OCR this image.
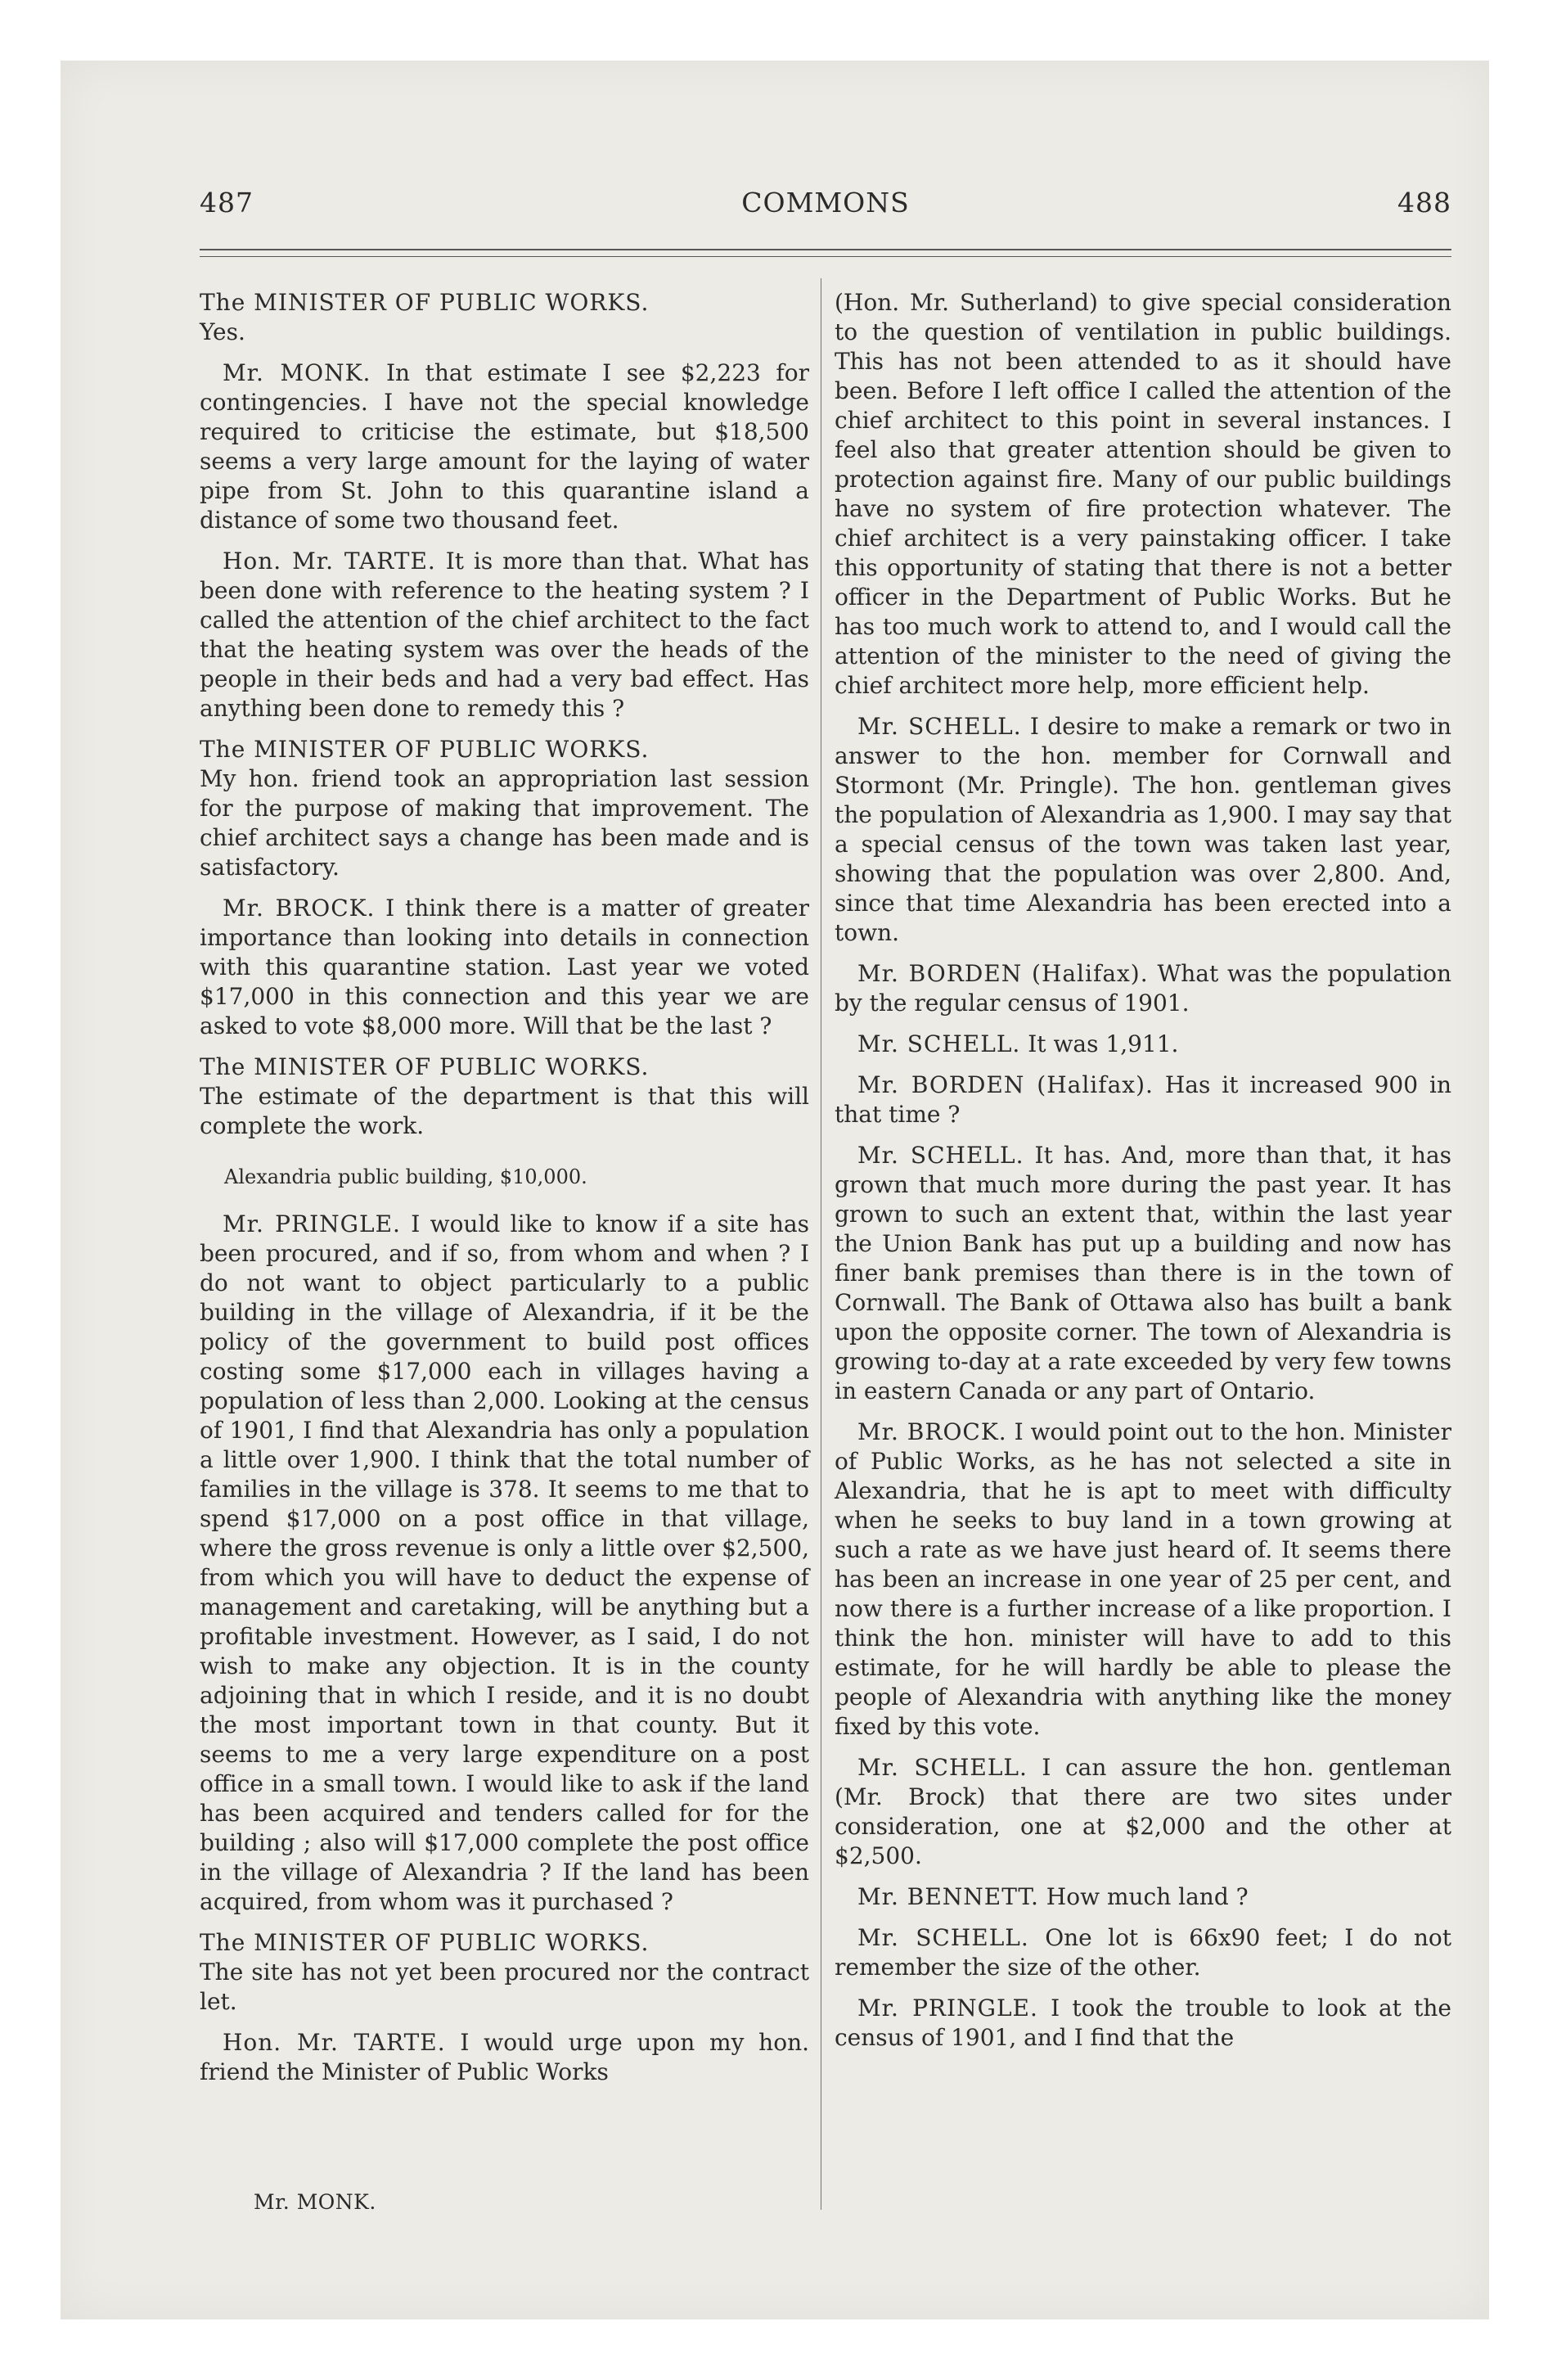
487	COMMONS	488

The MINISTER OF PUBLIC WORKS.
Yes.

Mr. MONK. In that estimate I see $2,223 for contingencies. I have not the special knowledge required to criticise the estimate, but $18,500 seems a very large amount for the laying of water pipe from St. John to this quarantine island a distance of some two thousand feet.

Hon. Mr. TARTE. It is more than that. What has been done with reference to the heating system ? I called the attention of the chief architect to the fact that the heating system was over the heads of the people in their beds and had a very bad effect. Has anything been done to remedy this ?

The MINISTER OF PUBLIC WORKS.
My hon. friend took an appropriation last session for the purpose of making that improvement. The chief architect says a change has been made and is satisfactory.

Mr. BROCK. I think there is a matter of greater importance than looking into details in connection with this quarantine station. Last year we voted $17,000 in this connection and this year we are asked to vote $8,000 more. Will that be the last ?

The MINISTER OF PUBLIC WORKS.
The estimate of the department is that this will complete the work.

Alexandria public building, $10,000.

Mr. PRINGLE. I would like to know if a site has been procured, and if so, from whom and when ? I do not want to object particularly to a public building in the village of Alexandria, if it be the policy of the government to build post offices costing some $17,000 each in villages having a population of less than 2,000. Looking at the census of 1901, I find that Alexandria has only a population a little over 1,900. I think that the total number of families in the village is 378. It seems to me that to spend $17,000 on a post office in that village, where the gross revenue is only a little over $2,500, from which you will have to deduct the expense of management and caretaking, will be anything but a profitable investment. However, as I said, I do not wish to make any objection. It is in the county adjoining that in which I reside, and it is no doubt the most important town in that county. But it seems to me a very large expenditure on a post office in a small town. I would like to ask if the land has been acquired and tenders called for for the building ; also will $17,000 complete the post office in the village of Alexandria ? If the land has been acquired, from whom was it purchased ?

The MINISTER OF PUBLIC WORKS.
The site has not yet been procured nor the contract let.

Hon. Mr. TARTE. I would urge upon my hon. friend the Minister of Public Works

(Hon. Mr. Sutherland) to give special consideration to the question of ventilation in public buildings. This has not been attended to as it should have been. Before I left office I called the attention of the chief architect to this point in several instances. I feel also that greater attention should be given to protection against fire. Many of our public buildings have no system of fire protection whatever. The chief architect is a very painstaking officer. I take this opportunity of stating that there is not a better officer in the Department of Public Works. But he has too much work to attend to, and I would call the attention of the minister to the need of giving the chief architect more help, more efficient help.

Mr. SCHELL. I desire to make a remark or two in answer to the hon. member for Cornwall and Stormont (Mr. Pringle). The hon. gentleman gives the population of Alexandria as 1,900. I may say that a special census of the town was taken last year, showing that the population was over 2,800. And, since that time Alexandria has been erected into a town.

Mr. BORDEN (Halifax). What was the population by the regular census of 1901.

Mr. SCHELL. It was 1,911.

Mr. BORDEN (Halifax). Has it increased 900 in that time ?

Mr. SCHELL. It has. And, more than that, it has grown that much more during the past year. It has grown to such an extent that, within the last year the Union Bank has put up a building and now has finer bank premises than there is in the town of Cornwall. The Bank of Ottawa also has built a bank upon the opposite corner. The town of Alexandria is growing to-day at a rate exceeded by very few towns in eastern Canada or any part of Ontario.

Mr. BROCK. I would point out to the hon. Minister of Public Works, as he has not selected a site in Alexandria, that he is apt to meet with difficulty when he seeks to buy land in a town growing at such a rate as we have just heard of. It seems there has been an increase in one year of 25 per cent, and now there is a further increase of a like proportion. I think the hon. minister will have to add to this estimate, for he will hardly be able to please the people of Alexandria with anything like the money fixed by this vote.

Mr. SCHELL. I can assure the hon. gentleman (Mr. Brock) that there are two sites under consideration, one at $2,000 and the other at $2,500.

Mr. BENNETT. How much land ?

Mr. SCHELL. One lot is 66x90 feet; I do not remember the size of the other.

Mr. PRINGLE. I took the trouble to look at the census of 1901, and I find that the

Mr. MONK.
